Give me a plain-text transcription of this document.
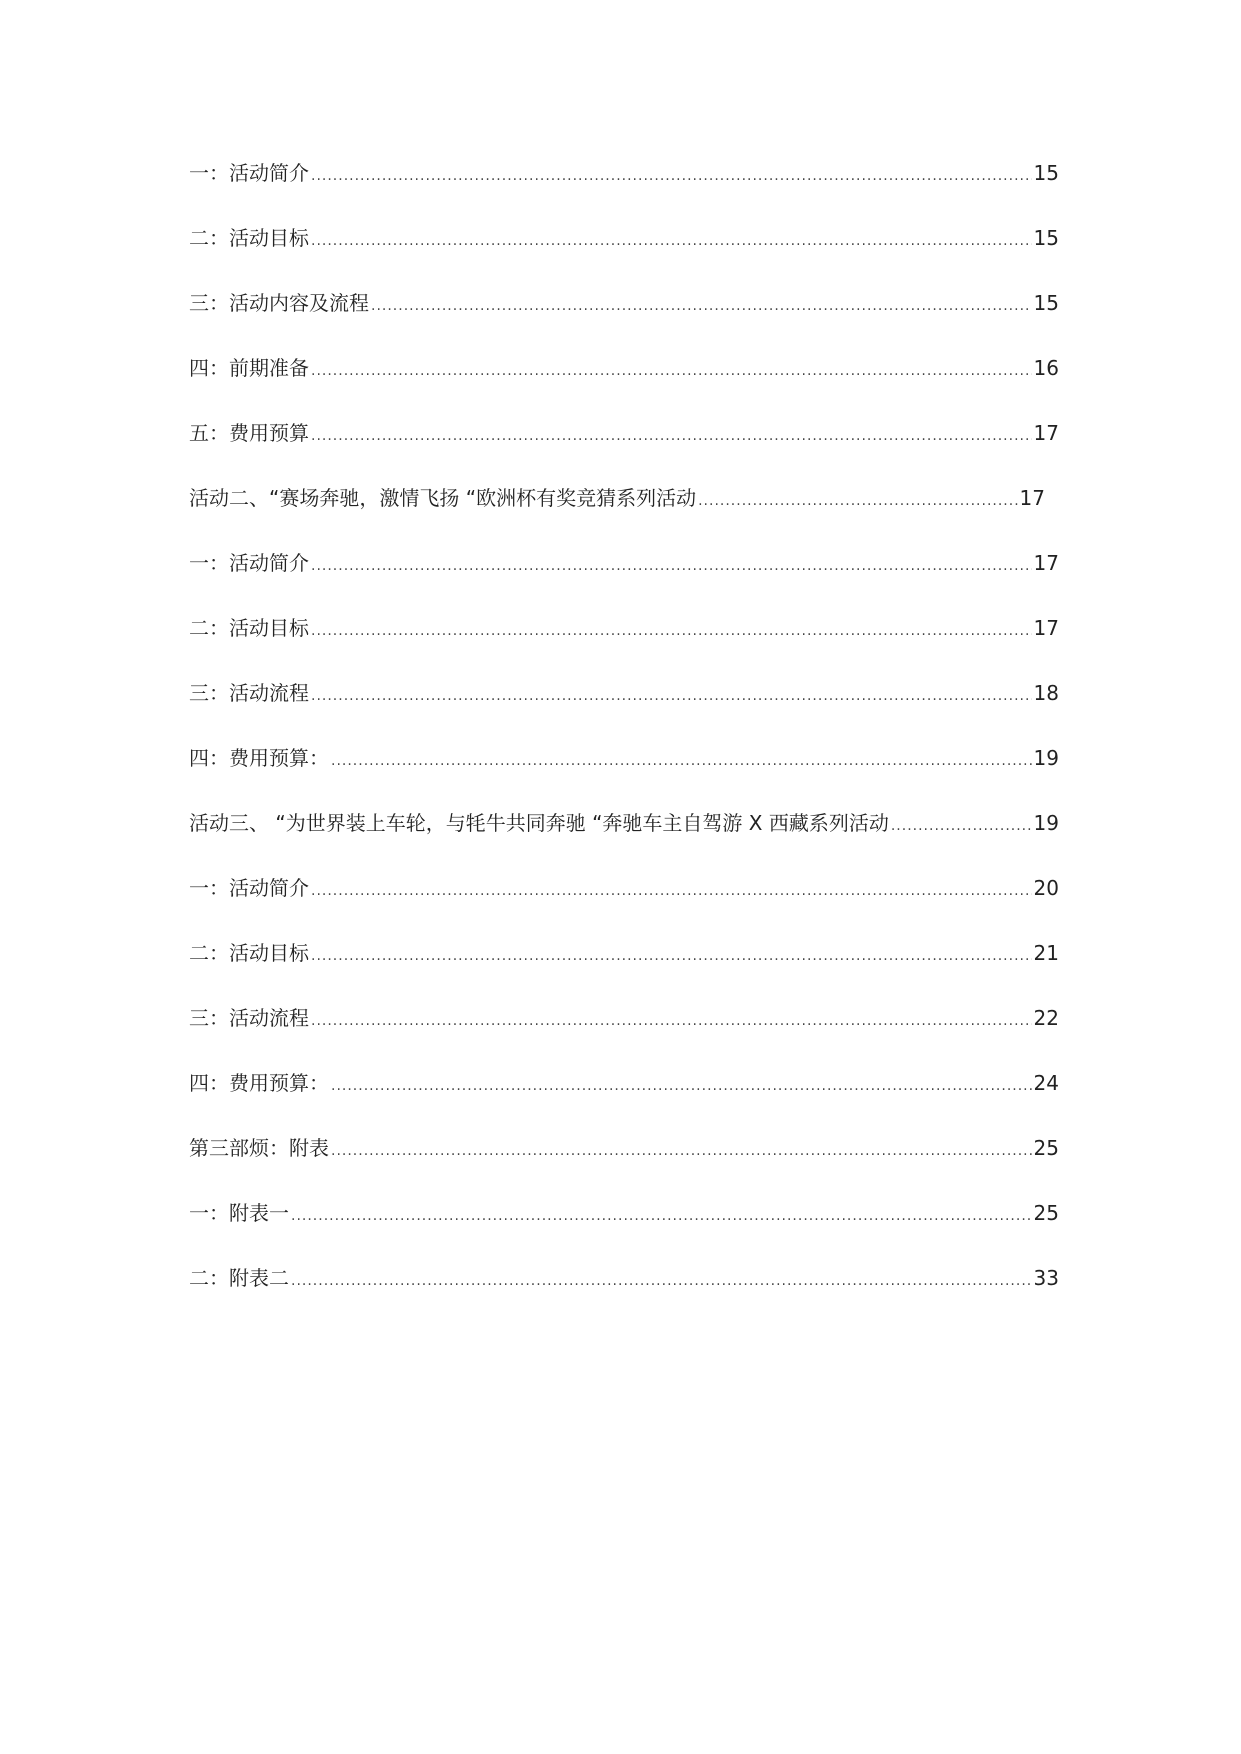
一：活动简介 .....	15
二：活动目标 .....	15
三：活动内容及流程 .....	15
四：前期准备 .....	16
五：费用预算 .....	17
活动二、“赛场奔驰，激情飞扬 “欧洲杯有奖竞猜系列活动 .....	17
一：活动简介 .....	17
二：活动目标 .....	17
三：活动流程 .....	18
四：费用预算： .....	19
活动三、 “为世界装上车轮，与牦牛共同奔驰 “奔驰车主自驾游 X 西藏系列活动 .....	19
一：活动简介 .....	20
二：活动目标 .....	21
三：活动流程 .....	22
四：费用预算： .....	24
第三部烦：附表 .....	25
一：附表一 .....	25
二：附表二 .....	33
